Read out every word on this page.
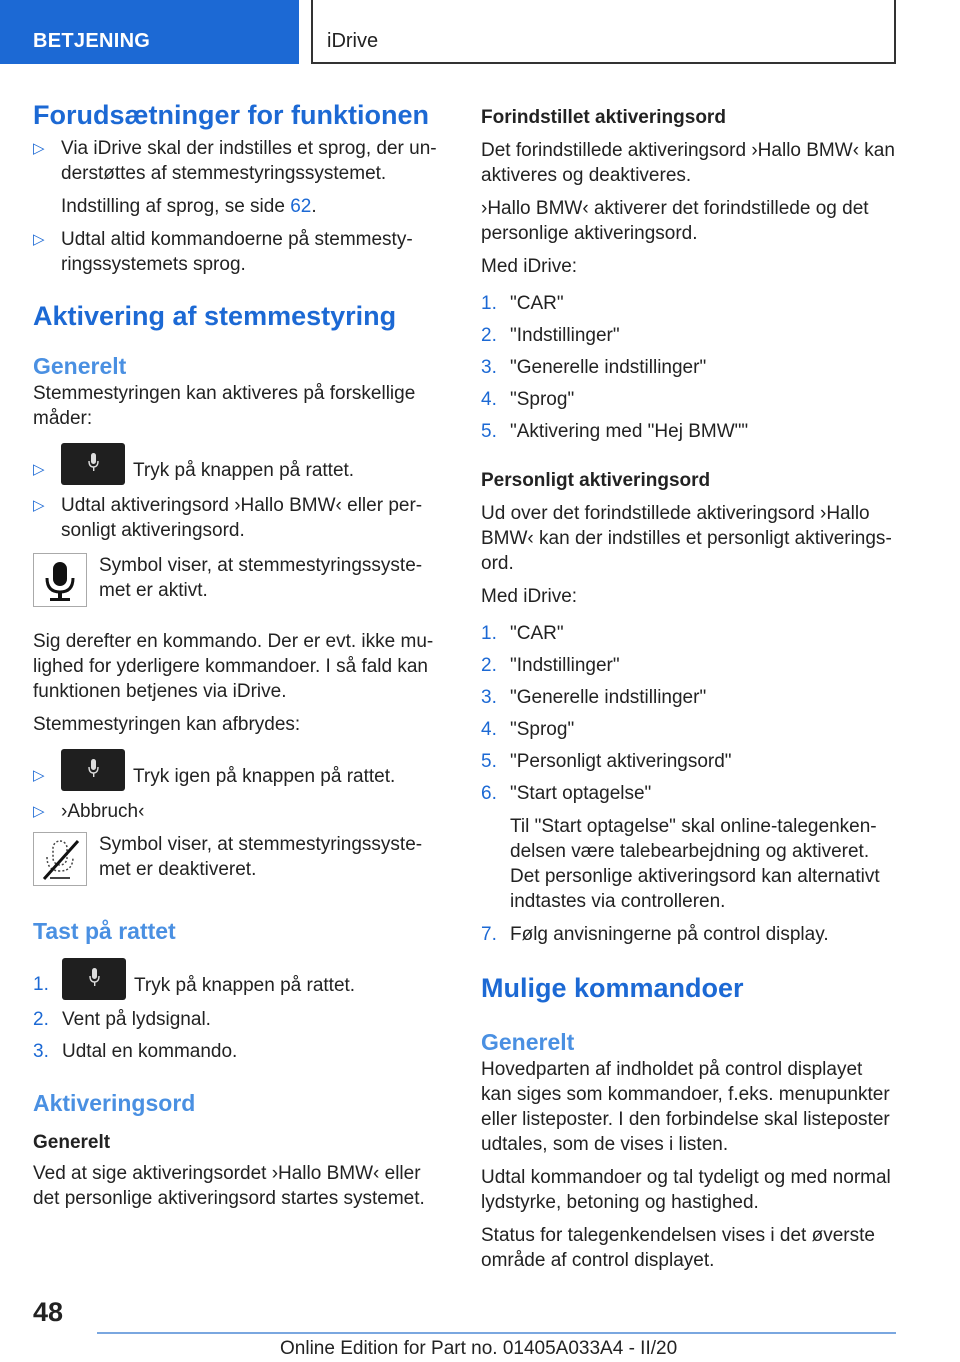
BETJENING	iDrive
Forudsætninger for funktionen
▷ Via iDrive skal der indstilles et sprog, der understøttes af stemmestyringssystemet.

Indstilling af sprog, se side 62.

▷ Udtal altid kommandoerne på stemmestyringssystemets sprog.

Aktivering af stemmestyring
Generelt

Stemmestyringen kan aktiveres på forskellige måder:

▷	Tryk på knappen på rattet.
▷ Udtal aktiveringsord ›Hallo BMW‹ eller personligt aktiveringsord.

Symbol viser, at stemmestyringssystemet er aktivt.

Sig derefter en kommando. Der er evt. ikke mulighed for yderligere kommandoer. I så fald kan funktionen betjenes via iDrive.

Stemmestyringen kan afbrydes:

▷	Tryk igen på knappen på rattet.
▷ ›Abbruch‹

Symbol viser, at stemmestyringssystemet er deaktiveret.

Tast på rattet
1.	Tryk på knappen på rattet.
2. Vent på lydsignal.

3. Udtal en kommando.

Aktiveringsord
Generelt

Ved at sige aktiveringsordet ›Hallo BMW‹ eller det personlige aktiveringsord startes systemet.

Forindstillet aktiveringsord

Det forindstillede aktiveringsord ›Hallo BMW‹ kan aktiveres og deaktiveres.

›Hallo BMW‹ aktiverer det forindstillede og det personlige aktiveringsord.

Med iDrive:

1. "CAR"

2. "Indstillinger"

3. "Generelle indstillinger"

4. "Sprog"

5. "Aktivering med "Hej BMW""

Personligt aktiveringsord

Ud over det forindstillede aktiveringsord ›Hallo BMW‹ kan der indstilles et personligt aktiveringsord.

Med iDrive:

1. "CAR"

2. "Indstillinger"

3. "Generelle indstillinger"

4. "Sprog"

5. "Personligt aktiveringsord"

6. "Start optagelse"

Til "Start optagelse" skal online-talegenkendelsen være talebearbejdning og aktiveret. Det personlige aktiveringsord kan alternativt indtastes via controlleren.

7. Følg anvisningerne på control display.

Mulige kommandoer
Generelt

Hovedparten af indholdet på control displayet kan siges som kommandoer, f.eks. menupunkter eller listeposter. I den forbindelse skal listeposter udtales, som de vises i listen.

Udtal kommandoer og tal tydeligt og med normal lydstyrke, betoning og hastighed.

Status for talegenkendelsen vises i det øverste område af control displayet.

48
Online Edition for Part no. 01405A033A4 - II/20
